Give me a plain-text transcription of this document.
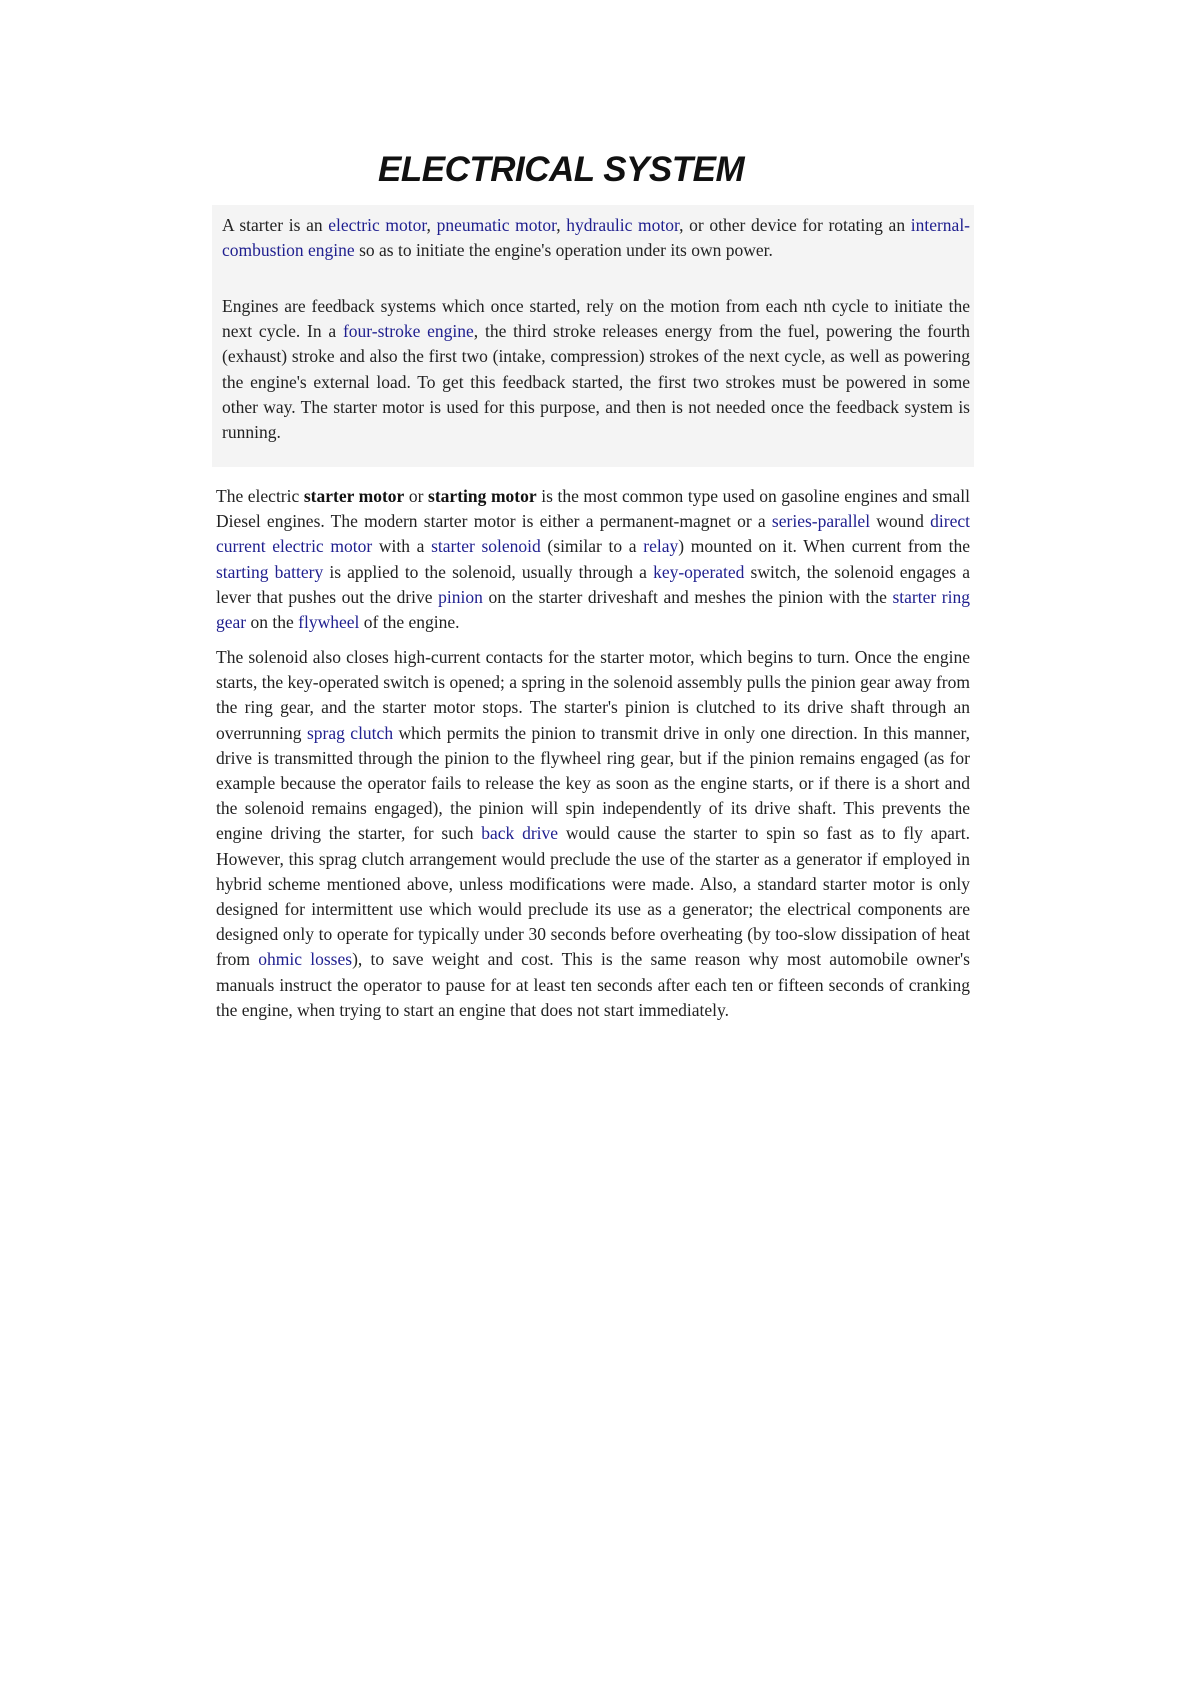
ELECTRICAL SYSTEM

A starter is an electric motor, pneumatic motor, hydraulic motor, or other device for rotating an internal-combustion engine so as to initiate the engine's operation under its own power.

Engines are feedback systems which once started, rely on the motion from each nth cycle to initiate the next cycle. In a four-stroke engine, the third stroke releases energy from the fuel, powering the fourth (exhaust) stroke and also the first two (intake, compression) strokes of the next cycle, as well as powering the engine's external load. To get this feedback started, the first two strokes must be powered in some other way. The starter motor is used for this purpose, and then is not needed once the feedback system is running.

The electric starter motor or starting motor is the most common type used on gasoline engines and small Diesel engines. The modern starter motor is either a permanent-magnet or a series-parallel wound direct current electric motor with a starter solenoid (similar to a relay) mounted on it. When current from the starting battery is applied to the solenoid, usually through a key-operated switch, the solenoid engages a lever that pushes out the drive pinion on the starter driveshaft and meshes the pinion with the starter ring gear on the flywheel of the engine.

The solenoid also closes high-current contacts for the starter motor, which begins to turn. Once the engine starts, the key-operated switch is opened; a spring in the solenoid assembly pulls the pinion gear away from the ring gear, and the starter motor stops. The starter's pinion is clutched to its drive shaft through an overrunning sprag clutch which permits the pinion to transmit drive in only one direction. In this manner, drive is transmitted through the pinion to the flywheel ring gear, but if the pinion remains engaged (as for example because the operator fails to release the key as soon as the engine starts, or if there is a short and the solenoid remains engaged), the pinion will spin independently of its drive shaft. This prevents the engine driving the starter, for such back drive would cause the starter to spin so fast as to fly apart. However, this sprag clutch arrangement would preclude the use of the starter as a generator if employed in hybrid scheme mentioned above, unless modifications were made. Also, a standard starter motor is only designed for intermittent use which would preclude its use as a generator; the electrical components are designed only to operate for typically under 30 seconds before overheating (by too-slow dissipation of heat from ohmic losses), to save weight and cost. This is the same reason why most automobile owner's manuals instruct the operator to pause for at least ten seconds after each ten or fifteen seconds of cranking the engine, when trying to start an engine that does not start immediately.
